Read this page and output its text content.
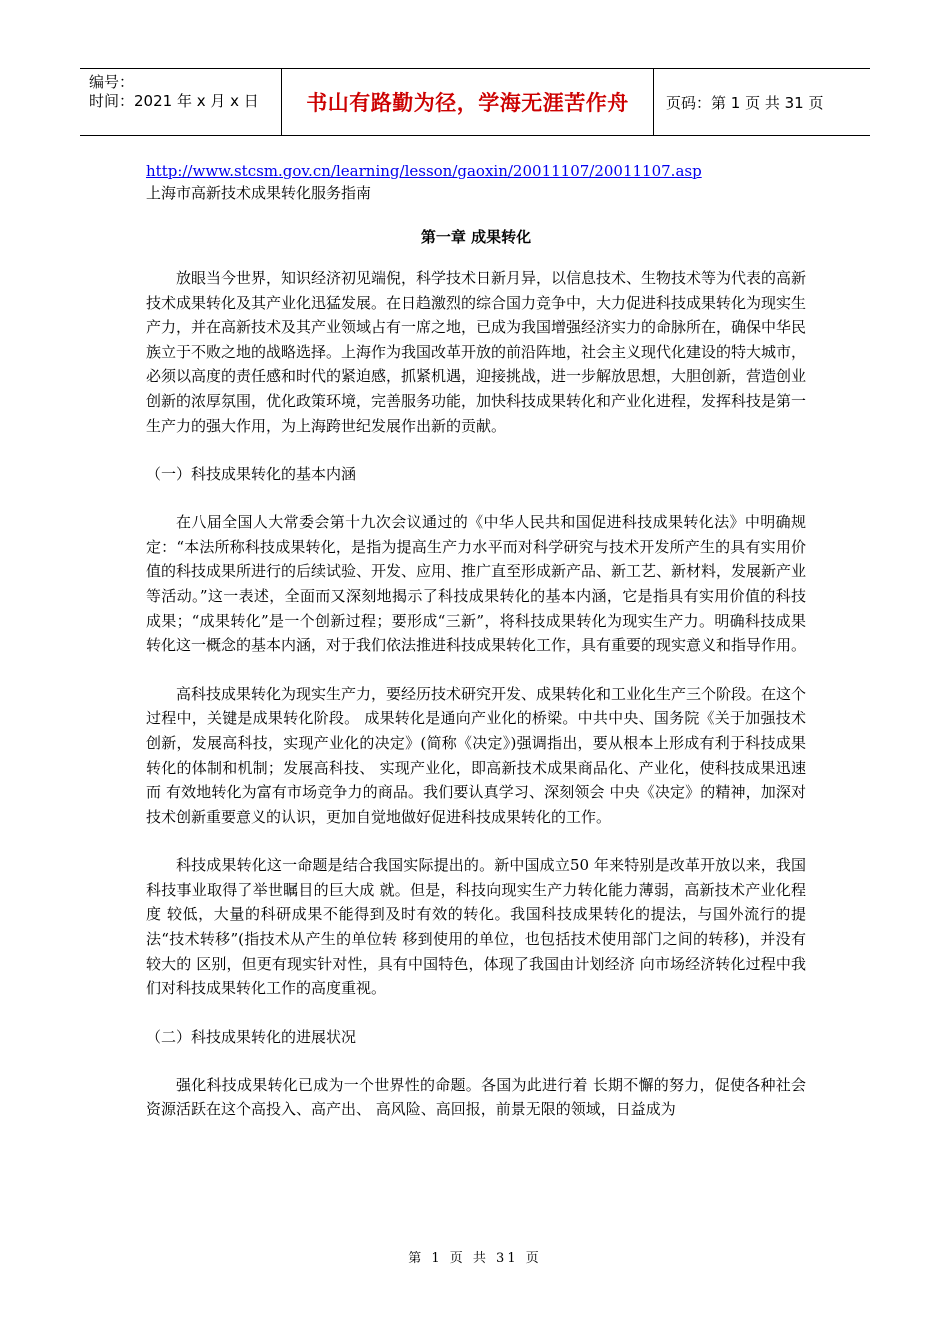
编号：
时间：2021 年 x 月 x 日	书山有路勤为径，学海无涯苦作舟 页码：第 1 页 共 31 页
http://www.stcsm.gov.cn/learning/lesson/gaoxin/20011107/20011107.asp
上海市高新技术成果转化服务指南
第一章 成果转化

放眼当今世界，知识经济初见端倪，科学技术日新月异，以信息技术、生物技术等为代表的高新技术成果转化及其产业化迅猛发展。在日趋激烈的综合国力竞争中，大力促进科技成果转化为现实生产力，并在高新技术及其产业领域占有一席之地，已成为我国增强经济实力的命脉所在，确保中华民族立于不败之地的战略选择。上海作为我国改革开放的前沿阵地，社会主义现代化建设的特大城市，必须以高度的责任感和时代的紧迫感，抓紧机遇，迎接挑战，进一步解放思想，大胆创新，营造创业创新的浓厚氛围，优化政策环境，完善服务功能，加快科技成果转化和产业化进程，发挥科技是第一生产力的强大作用，为上海跨世纪发展作出新的贡献。

（一）科技成果转化的基本内涵

在八届全国人大常委会第十九次会议通过的《中华人民共和国促进科技成果转化法》中明确规定：“本法所称科技成果转化，是指为提高生产力水平而对科学研究与技术开发所产生的具有实用价值的科技成果所进行的后续试验、开发、应用、推广直至形成新产品、新工艺、新材料，发展新产业等活动。”这一表述，全面而又深刻地揭示了科技成果转化的基本内涵，它是指具有实用价值的科技成果；“成果转化”是一个创新过程；要形成“三新”，将科技成果转化为现实生产力。明确科技成果转化这一概念的基本内涵，对于我们依法推进科技成果转化工作，具有重要的现实意义和指导作用。

高科技成果转化为现实生产力，要经历技术研究开发、成果转化和工业化生产三个阶段。在这个过程中，关键是成果转化阶段。 成果转化是通向产业化的桥梁。中共中央、国务院《关于加强技术 创新，发展高科技，实现产业化的决定》(简称《决定》)强调指出，要从根本上形成有利于科技成果转化的体制和机制；发展高科技、 实现产业化，即高新技术成果商品化、产业化，使科技成果迅速而 有效地转化为富有市场竞争力的商品。我们要认真学习、深刻领会 中央《决定》的精神，加深对技术创新重要意义的认识，更加自觉地做好促进科技成果转化的工作。

科技成果转化这一命题是结合我国实际提出的。新中国成立50 年来特别是改革开放以来，我国科技事业取得了举世瞩目的巨大成 就。但是，科技向现实生产力转化能力薄弱，高新技术产业化程度 较低，大量的科研成果不能得到及时有效的转化。我国科技成果转化的提法，与国外流行的提法“技术转移”(指技术从产生的单位转 移到使用的单位，也包括技术使用部门之间的转移)，并没有较大的 区别，但更有现实针对性，具有中国特色，体现了我国由计划经济 向市场经济转化过程中我们对科技成果转化工作的高度重视。

（二）科技成果转化的进展状况

强化科技成果转化已成为一个世界性的命题。各国为此进行着 长期不懈的努力，促使各种社会资源活跃在这个高投入、高产出、 高风险、高回报，前景无限的领域，日益成为

第 1 页 共 31 页
